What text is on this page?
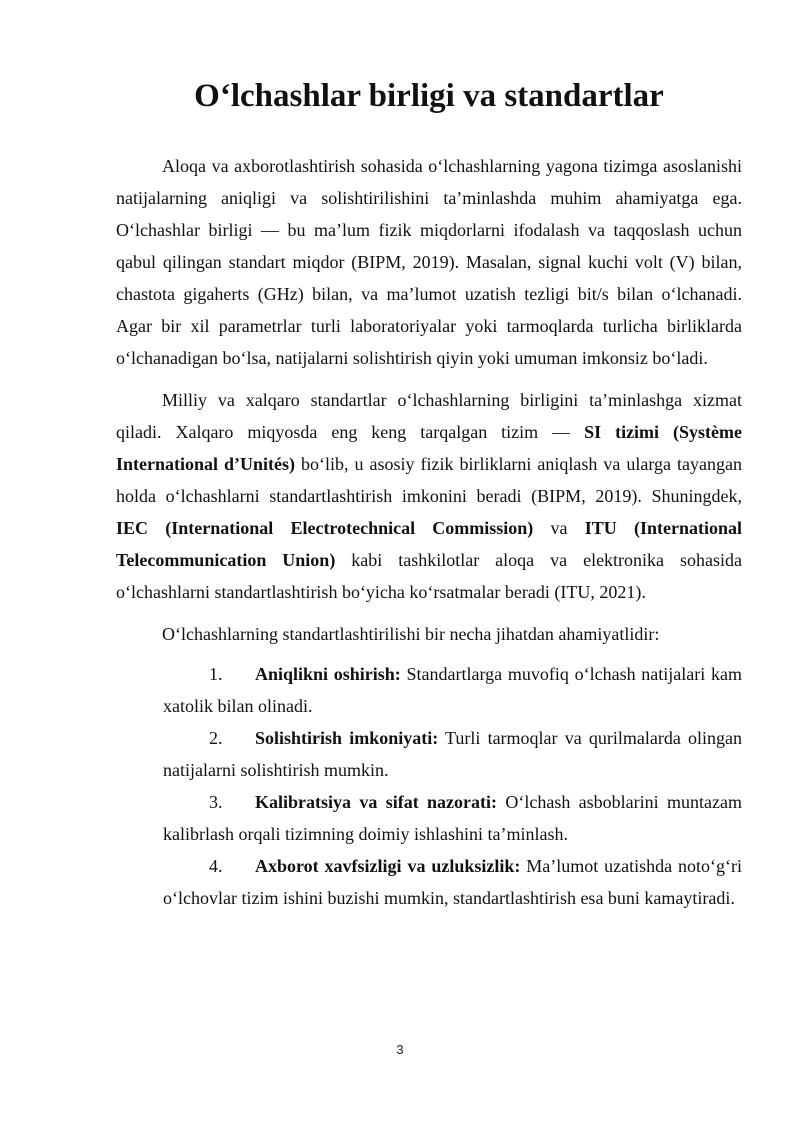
O‘lchashlar birligi va standartlar

Aloqa va axborotlashtirish sohasida o‘lchashlarning yagona tizimga asoslanishi natijalarning aniqligi va solishtirilishini ta’minlashda muhim ahamiyatga ega. O‘lchashlar birligi — bu ma’lum fizik miqdorlarni ifodalash va taqqoslash uchun qabul qilingan standart miqdor (BIPM, 2019). Masalan, signal kuchi volt (V) bilan, chastota gigaherts (GHz) bilan, va ma’lumot uzatish tezligi bit/s bilan o‘lchanadi. Agar bir xil parametrlar turli laboratoriyalar yoki tarmoqlarda turlicha birliklarda o‘lchanadigan bo‘lsa, natijalarni solishtirish qiyin yoki umuman imkonsiz bo‘ladi.

Milliy va xalqaro standartlar o‘lchashlarning birligini ta’minlashga xizmat qiladi. Xalqaro miqyosda eng keng tarqalgan tizim — SI tizimi (Système International d’Unités) bo‘lib, u asosiy fizik birliklarni aniqlash va ularga tayangan holda o‘lchashlarni standartlashtirish imkonini beradi (BIPM, 2019). Shuningdek, IEC (International Electrotechnical Commission) va ITU (International Telecommunication Union) kabi tashkilotlar aloqa va elektronika sohasida o‘lchashlarni standartlashtirish bo‘yicha ko‘rsatmalar beradi (ITU, 2021).

O‘lchashlarning standartlashtirilishi bir necha jihatdan ahamiyatlidir:

1. Aniqlikni oshirish: Standartlarga muvofiq o‘lchash natijalari kam xatolik bilan olinadi.
2. Solishtirish imkoniyati: Turli tarmoqlar va qurilmalarda olingan natijalarni solishtirish mumkin.
3. Kalibratsiya va sifat nazorati: O‘lchash asboblarini muntazam kalibrlash orqali tizimning doimiy ishlashini ta’minlash.
4. Axborot xavfsizligi va uzluksizlik: Ma’lumot uzatishda noto‘g‘ri o‘lchovlar tizim ishini buzishi mumkin, standartlashtirish esa buni kamaytiradi.
3
